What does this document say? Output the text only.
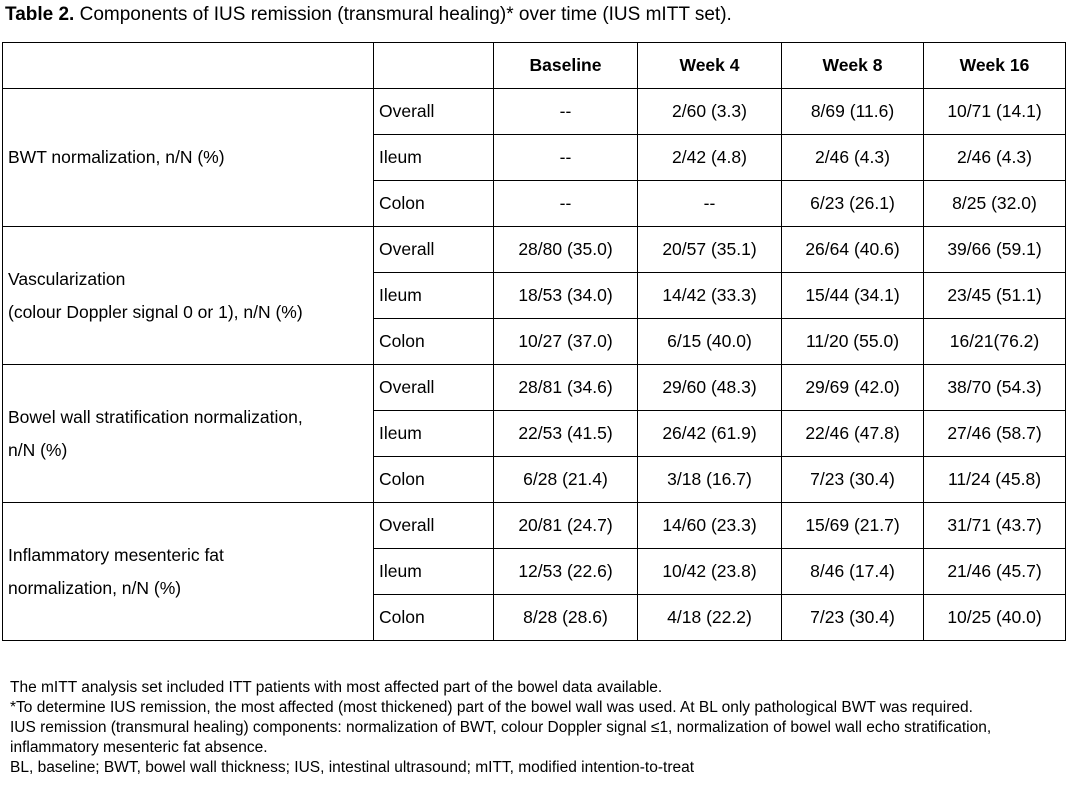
Table 2. Components of IUS remission (transmural healing)* over time (IUS mITT set).
		Baseline	Week 4	Week 8	Week 16

BWT normalization, n/N (%)	Overall	--	2/60 (3.3)	8/69 (11.6)	10/71 (14.1)
	Ileum	--	2/42 (4.8)	2/46 (4.3)	2/46 (4.3)
	Colon	--	--	6/23 (26.1)	8/25 (32.0)

Vascularization
(colour Doppler signal 0 or 1), n/N (%)	Overall	28/80 (35.0)	20/57 (35.1)	26/64 (40.6)	39/66 (59.1)
	Ileum	18/53 (34.0)	14/42 (33.3)	15/44 (34.1)	23/45 (51.1)
	Colon	10/27 (37.0)	6/15 (40.0)	11/20 (55.0)	16/21(76.2)

Bowel wall stratification normalization,
n/N (%)	Overall	28/81 (34.6)	29/60 (48.3)	29/69 (42.0)	38/70 (54.3)
	Ileum	22/53 (41.5)	26/42 (61.9)	22/46 (47.8)	27/46 (58.7)
	Colon	6/28 (21.4)	3/18 (16.7)	7/23 (30.4)	11/24 (45.8)

Inflammatory mesenteric fat
normalization, n/N (%)	Overall	20/81 (24.7)	14/60 (23.3)	15/69 (21.7)	31/71 (43.7)
	Ileum	12/53 (22.6)	10/42 (23.8)	8/46 (17.4)	21/46 (45.7)
	Colon	8/28 (28.6)	4/18 (22.2)	7/23 (30.4)	10/25 (40.0)

The mITT analysis set included ITT patients with most affected part of the bowel data available.

*To determine IUS remission, the most affected (most thickened) part of the bowel wall was used. At BL only pathological BWT was required.

IUS remission (transmural healing) components: normalization of BWT, colour Doppler signal ≤1, normalization of bowel wall echo stratification, inflammatory mesenteric fat absence.

BL, baseline; BWT, bowel wall thickness; IUS, intestinal ultrasound; mITT, modified intention-to-treat
